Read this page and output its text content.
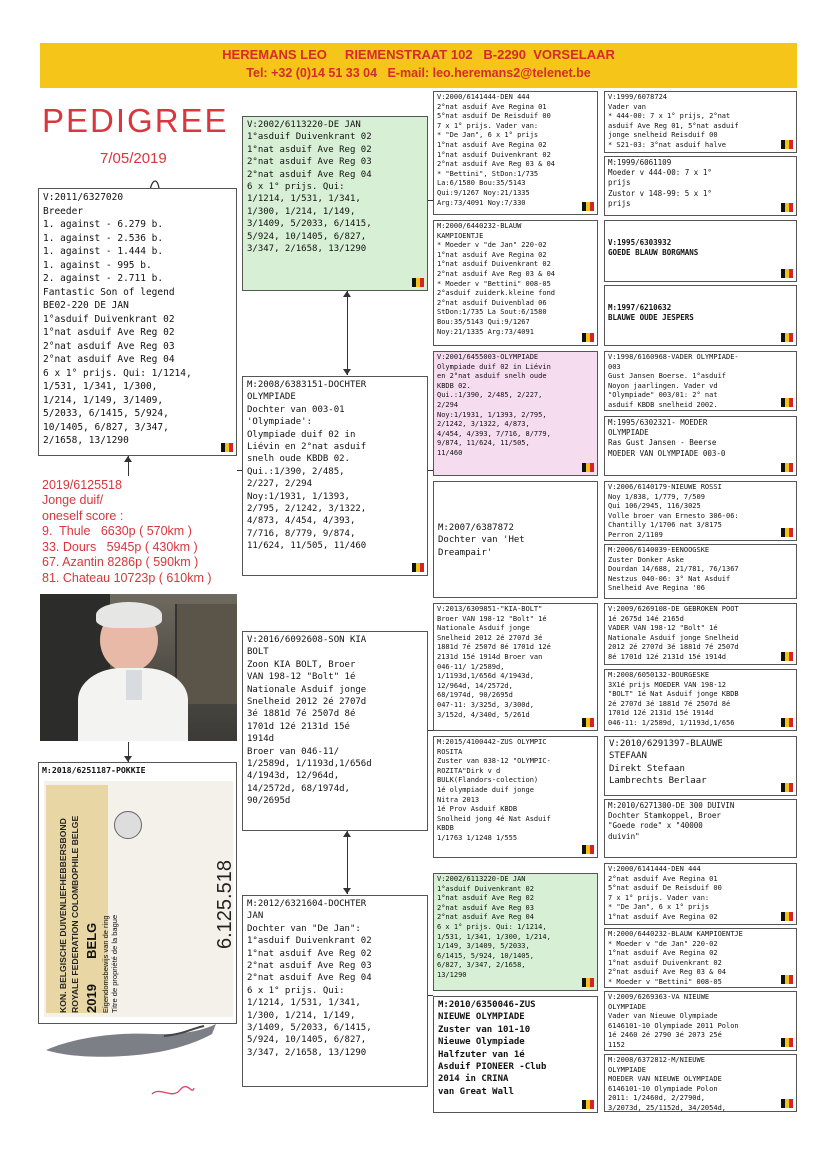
HEREMANS LEO     RIEMENSTRAAT 102   B-2290  VORSELAAR
Tel: +32 (0)14 51 33 04   E-mail: leo.heremans2@telenet.be
PEDIGREE
7/05/2019
V:2011/6327020
Breeder
1. against - 6.279 b.
1. against - 2.536 b.
1. against - 1.444 b.
1. against - 995 b.
2. against - 2.711 b.
Fantastic Son of legend
BE02-220 DE JAN
1°asduif Duivenkrant 02
1°nat asduif Ave Reg 02
2°nat asduif Ave Reg 03
2°nat asduif Ave Reg 04
6 x 1° prijs. Qui: 1/1214,
1/531, 1/341, 1/300,
1/214, 1/149, 3/1409,
5/2033, 6/1415, 5/924,
10/1405, 6/827, 3/347,
2/1658, 13/1290
2019/6125518
Jonge duif/
oneself score :
9.  Thule   6630p ( 570km )
33. Dours   5945p ( 430km )
67. Azantin 8286p ( 590km )
81. Chateau 10723p ( 610km )
M:2018/6251187-POKKIE
KON. BELGISCHE DUIVENLIEFHEBBERSBOND ROYALE FEDERATION COLOMBOPHILE BELGE 2019  BELG Eigendomsbewijs van de ring Titre de propriété de la bague
6.125.518
V:2002/6113220-DE JAN
1°asduif Duivenkrant 02
1°nat asduif Ave Reg 02
2°nat asduif Ave Reg 03
2°nat asduif Ave Reg 04
6 x 1° prijs. Qui:
1/1214, 1/531, 1/341,
1/300, 1/214, 1/149,
3/1409, 5/2033, 6/1415,
5/924, 10/1405, 6/827,
3/347, 2/1658, 13/1290
M:2008/6383151-DOCHTER
OLYMPIADE
Dochter van 003-01
'Olympiade':
Olympiade duif 02 in
Liévin en 2°nat asduif
snelh oude KBDB 02.
Qui.:1/390, 2/485,
2/227, 2/294
Noy:1/1931, 1/1393,
2/795, 2/1242, 3/1322,
4/873, 4/454, 4/393,
7/716, 8/779, 9/874,
11/624, 11/505, 11/460
V:2016/6092608-SON KIA
BOLT
Zoon KIA BOLT, Broer
VAN 198-12 "Bolt" 1é
Nationale Asduif jonge
Snelheid 2012 2é 2707d
3é 1881d 7é 2507d 8é
1701d 12é 2131d 15é
1914d
Broer van 046-11/
1/2589d, 1/1193d,1/656d
4/1943d, 12/964d,
14/2572d, 68/1974d,
90/2695d
M:2012/6321604-DOCHTER
JAN
Dochter van "De Jan":
1°asduif Duivenkrant 02
1°nat asduif Ave Reg 02
2°nat asduif Ave Reg 03
2°nat asduif Ave Reg 04
6 x 1° prijs. Qui:
1/1214, 1/531, 1/341,
1/300, 1/214, 1/149,
3/1409, 5/2033, 6/1415,
5/924, 10/1405, 6/827,
3/347, 2/1658, 13/1290
V:2000/6141444-DEN 444
2°nat asduif Ave Regina 01
5°nat asduif De Reisduif 00
7 x 1° prijs. Vader van:
* "De Jan", 6 x 1° prijs
1°nat asduif Ave Regina 02
1°nat asduif Duivenkrant 02
2°nat asduif Ave Reg 03 & 04
* "Bettini", StDon:1/735
La:6/1580 Bou:35/5143
Qui:9/1267 Noy:21/1335
Arg:73/4091 Noy:7/330
M:2000/6440232-BLAUW
KAMPIOENTJE
* Moeder v "de Jan" 220-02
1°nat asduif Ave Regina 02
1°nat asduif Duivenkrant 02
2°nat asduif Ave Reg 03 & 04
* Moeder v "Bettini" 008-05
2°asduif zuiderk.kleine fond
2°nat asduif Duivenblad 06
StDon:1/735 La Sout:6/1580
Bou:35/5143 Qui:9/1267
Noy:21/1335 Arg:73/4091
V:2001/6455003-OLYMPIADE
Olympiade duif 02 in Liévin
en 2°nat asduif snelh oude
KBDB 02.
Qui.:1/390, 2/485, 2/227,
2/294
Noy:1/1931, 1/1393, 2/795,
2/1242, 3/1322, 4/873,
4/454, 4/393, 7/716, 8/779,
9/874, 11/624, 11/505,
11/460
M:2007/6387872
Dochter van 'Het
Dreampair'
V:2013/6309851-"KIA-BOLT"
Broer VAN 198-12 "Bolt" 1é
Nationale Asduif jonge
Snelheid 2012 2é 2707d 3é
1881d 7é 2507d 8é 1701d 12é
2131d 15é 1914d Broer van
046-11/ 1/2589d,
1/1193d,1/656d 4/1943d,
12/964d, 14/2572d,
68/1974d, 90/2695d
047-11: 3/325d, 3/300d,
3/152d, 4/340d, 5/261d
M:2015/4100442-ZUS OLYMPIC
ROSITA
Zuster van 038-12 "OLYMPIC-
ROZITA"Dirk v d
BULK(Flandors-colection)
1é olympiade duif jonge
Nitra 2013
1é Prov Asduif KBDB
Snolheid jong 4é Nat Asduif
KBDB
1/1763 1/1248 1/555
V:2002/6113220-DE JAN
1°asduif Duivenkrant 02
1°nat asduif Ave Reg 02
2°nat asduif Ave Reg 03
2°nat asduif Ave Reg 04
6 x 1° prijs. Qui: 1/1214,
1/531, 1/341, 1/300, 1/214,
1/149, 3/1409, 5/2033,
6/1415, 5/924, 10/1405,
6/827, 3/347, 2/1658,
13/1290
M:2010/6350046-ZUS
NIEUWE OLYMPIADE
Zuster van 101-10
Nieuwe Olympiade
Halfzuter van 1é
Asduif PIONEER -Club
2014 in CRINA
van Great Wall
V:1999/6078724
Vader van
* 444-00: 7 x 1° prijs, 2°nat
asduif Ave Reg 01, 5°nat asduif
jonge snelheid Reisduif 00
* S21-03: 3°nat asduif halve
M:1999/6061109
Moeder v 444-00: 7 x 1°
prijs
Zustor v 148-99: 5 x 1°
prijs
V:1995/6303932
GOEDE BLAUW BORGMANS
M:1997/6210632
BLAUWE OUDE JESPERS
V:1998/6160968-VADER OLYMPIADE-
003
Gust Jansen Boerse. 1°asduif
Noyon jaarlingen. Vader vd
"Olympiade" 003/01: 2° nat
asduif KBDB snelheid 2002.
M:1995/6302321- MOEDER
OLYMPIADE
Ras Gust Jansen - Beerse
MOEDER VAN OLYMPIADE 003-0
V:2006/6140179-NIEUWE ROSSI
Noy 1/838, 1/779, 7/509
Qui 106/2945, 116/3025
Volle broer van Ernesto 306-06:
Chantilly 1/1706 nat 3/8175
Perron 2/1109
M:2006/6140039-EENOOGSKE
Zuster Donker Aske
Dourdan 14/688, 21/781, 76/1367
Nestzus 040-06: 3° Nat Asduif
Snelheid Ave Regina '06
V:2009/6269108-DE GEBROKEN POOT
1é 2675d 14é 2165d
VADER VAN 198-12 "Bolt" 1é
Nationale Asduif jonge Snelheid
2012 2é 2707d 3é 1881d 7é 2507d
8é 1701d 12é 2131d 15é 1914d
M:2008/6050132-BOURGESKE
3X1é prijs MOEDER VAN 198-12
"BOLT" 1é Nat Asduif jonge KBDB
2é 2707d 3é 1881d 7é 2507d 8é
1701d 12é 2131d 15é 1914d
046-11: 1/2589d, 1/1193d,1/656
V:2010/6291397-BLAUWE
STEFAAN
Direkt Stefaan
Lambrechts Berlaar
M:2010/6271300-DE 300 DUIVIN
Dochter Stamkoppel, Broer
"Goede rode" x "40000
duivin"
V:2000/6141444-DEN 444
2°nat asduif Ave Regina 01
5°nat asduif De Reisduif 00
7 x 1° prijs. Vader van:
* "De Jan", 6 x 1° prijs
1°nat asduif Ave Regina 02
M:2000/6440232-BLAUW KAMPIOENTJE
* Moeder v "de Jan" 220-02
1°nat asduif Ave Regina 02
1°nat asduif Duivenkrant 02
2°nat asduif Ave Reg 03 & 04
* Moeder v "Bettini" 008-05
V:2009/6269363-VA NIEUWE
OLYMPIADE
Vader van Nieuwe Olympiade
6146101-10 Olympiade 2011 Polon
1é 2460 2é 2790 3é 2073 25é
1152
M:2008/6372812-M/NIEUWE
OLYMPIADE
MOEDER VAN NIEUWE OLYMPIADE
6146101-10 Olympiade Polon
2011: 1/2460d, 2/2790d,
3/2073d, 25/1152d, 34/2054d,
